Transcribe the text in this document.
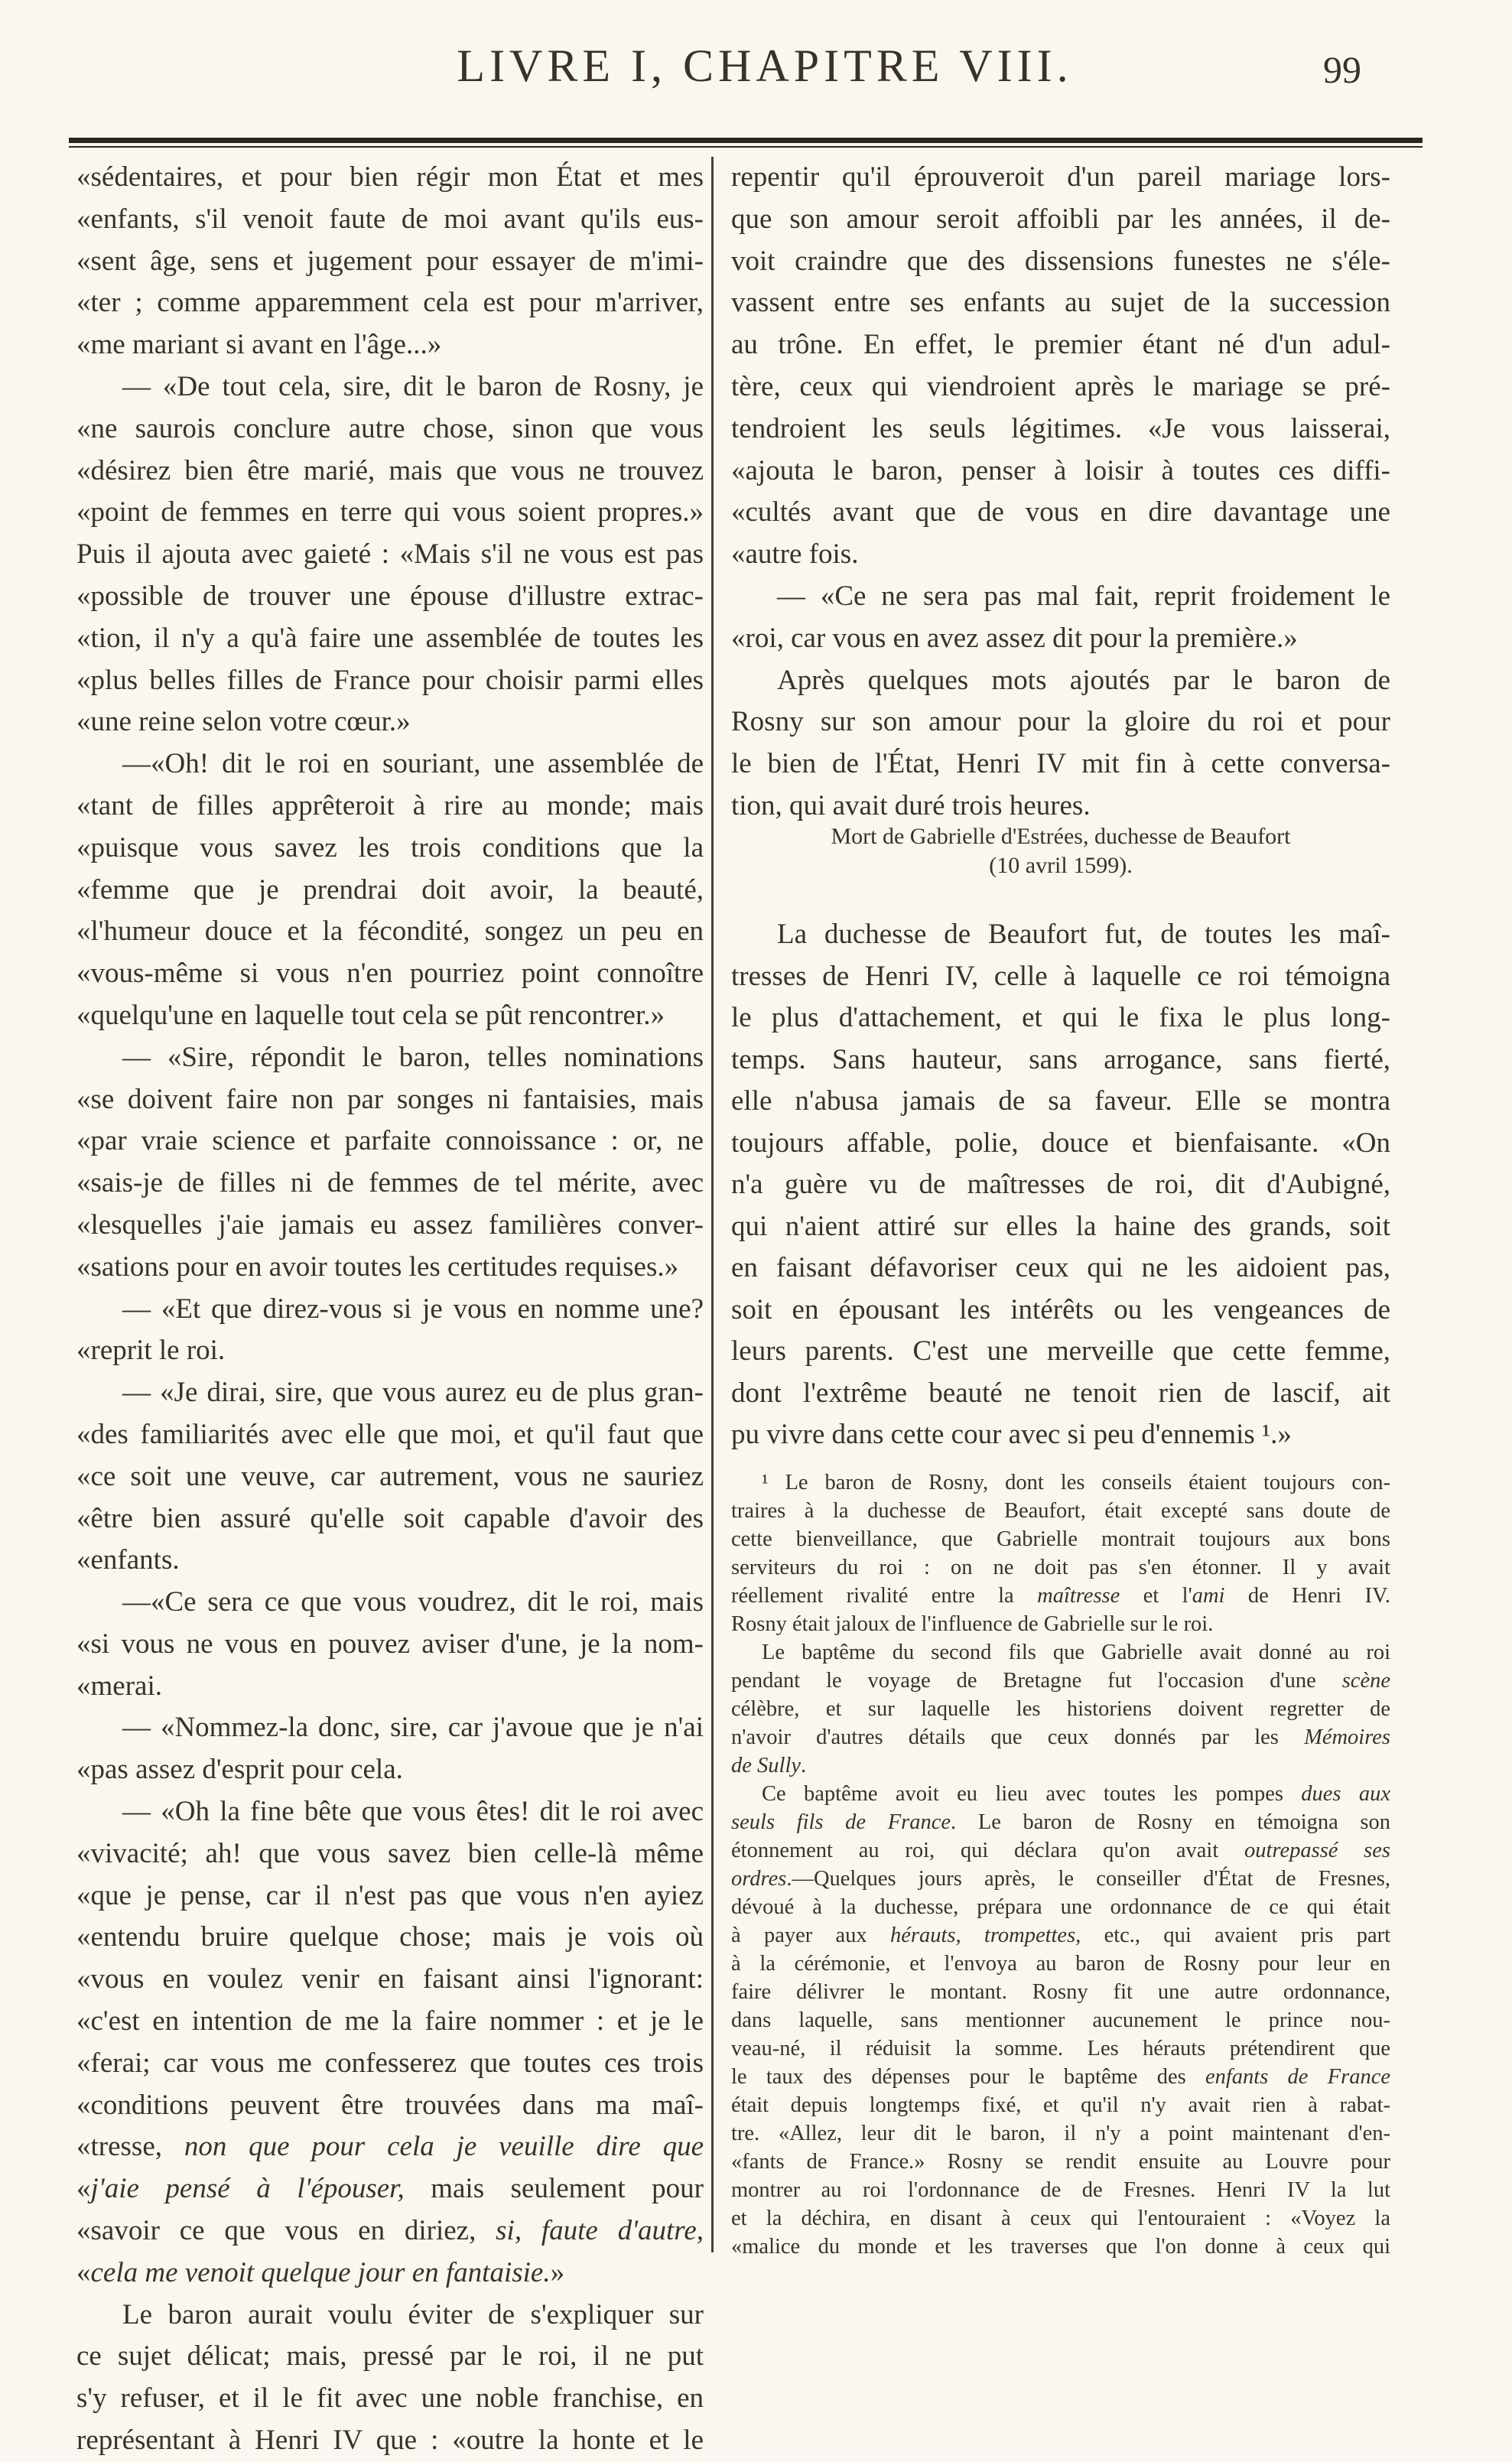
LIVRE I, CHAPITRE VIII.	99
«sédentaires, et pour bien régir mon État et mes
«enfants, s'il venoit faute de moi avant qu'ils eus-
«sent âge, sens et jugement pour essayer de m'imi-
«ter ; comme apparemment cela est pour m'arriver,
«me mariant si avant en l'âge...»
— «De tout cela, sire, dit le baron de Rosny, je
«ne saurois conclure autre chose, sinon que vous
«désirez bien être marié, mais que vous ne trouvez
«point de femmes en terre qui vous soient propres.»
Puis il ajouta avec gaieté : «Mais s'il ne vous est pas
«possible de trouver une épouse d'illustre extrac-
«tion, il n'y a qu'à faire une assemblée de toutes les
«plus belles filles de France pour choisir parmi elles
«une reine selon votre cœur.»
—«Oh! dit le roi en souriant, une assemblée de
«tant de filles apprêteroit à rire au monde; mais
«puisque vous savez les trois conditions que la
«femme que je prendrai doit avoir, la beauté,
«l'humeur douce et la fécondité, songez un peu en
«vous-même si vous n'en pourriez point connoître
«quelqu'une en laquelle tout cela se pût rencontrer.»
— «Sire, répondit le baron, telles nominations
«se doivent faire non par songes ni fantaisies, mais
«par vraie science et parfaite connoissance : or, ne
«sais-je de filles ni de femmes de tel mérite, avec
«lesquelles j'aie jamais eu assez familières conver-
«sations pour en avoir toutes les certitudes requises.»
— «Et que direz-vous si je vous en nomme une?
«reprit le roi.
— «Je dirai, sire, que vous aurez eu de plus gran-
«des familiarités avec elle que moi, et qu'il faut que
«ce soit une veuve, car autrement, vous ne sauriez
«être bien assuré qu'elle soit capable d'avoir des
«enfants.
—«Ce sera ce que vous voudrez, dit le roi, mais
«si vous ne vous en pouvez aviser d'une, je la nom-
«merai.
— «Nommez-la donc, sire, car j'avoue que je n'ai
«pas assez d'esprit pour cela.
— «Oh la fine bête que vous êtes! dit le roi avec
«vivacité; ah! que vous savez bien celle-là même
«que je pense, car il n'est pas que vous n'en ayiez
«entendu bruire quelque chose; mais je vois où
«vous en voulez venir en faisant ainsi l'ignorant:
«c'est en intention de me la faire nommer : et je le
«ferai; car vous me confesserez que toutes ces trois
«conditions peuvent être trouvées dans ma maî-
«tresse, non que pour cela je veuille dire que
«j'aie pensé à l'épouser, mais seulement pour
«savoir ce que vous en diriez, si, faute d'autre,
«cela me venoit quelque jour en fantaisie.»
Le baron aurait voulu éviter de s'expliquer sur
ce sujet délicat; mais, pressé par le roi, il ne put
s'y refuser, et il le fit avec une noble franchise, en
représentant à Henri IV que : «outre la honte et le
repentir qu'il éprouveroit d'un pareil mariage lors-
que son amour seroit affoibli par les années, il de-
voit craindre que des dissensions funestes ne s'éle-
vassent entre ses enfants au sujet de la succession
au trône. En effet, le premier étant né d'un adul-
tère, ceux qui viendroient après le mariage se pré-
tendroient les seuls légitimes. «Je vous laisserai,
«ajouta le baron, penser à loisir à toutes ces diffi-
«cultés avant que de vous en dire davantage une
«autre fois.
— «Ce ne sera pas mal fait, reprit froidement le
«roi, car vous en avez assez dit pour la première.»
Après quelques mots ajoutés par le baron de
Rosny sur son amour pour la gloire du roi et pour
le bien de l'État, Henri IV mit fin à cette conversa-
tion, qui avait duré trois heures.
Mort de Gabrielle d'Estrées, duchesse de Beaufort
(10 avril 1599).
La duchesse de Beaufort fut, de toutes les maî-
tresses de Henri IV, celle à laquelle ce roi témoigna
le plus d'attachement, et qui le fixa le plus long-
temps. Sans hauteur, sans arrogance, sans fierté,
elle n'abusa jamais de sa faveur. Elle se montra
toujours affable, polie, douce et bienfaisante. «On
n'a guère vu de maîtresses de roi, dit d'Aubigné,
qui n'aient attiré sur elles la haine des grands, soit
en faisant défavoriser ceux qui ne les aidoient pas,
soit en épousant les intérêts ou les vengeances de
leurs parents. C'est une merveille que cette femme,
dont l'extrême beauté ne tenoit rien de lascif, ait
pu vivre dans cette cour avec si peu d'ennemis ¹.»
¹ Le baron de Rosny, dont les conseils étaient toujours con-
traires à la duchesse de Beaufort, était excepté sans doute de
cette bienveillance, que Gabrielle montrait toujours aux bons
serviteurs du roi : on ne doit pas s'en étonner. Il y avait
réellement rivalité entre la maîtresse et l'ami de Henri IV.
Rosny était jaloux de l'influence de Gabrielle sur le roi.
Le baptême du second fils que Gabrielle avait donné au roi
pendant le voyage de Bretagne fut l'occasion d'une scène
célèbre, et sur laquelle les historiens doivent regretter de
n'avoir d'autres détails que ceux donnés par les Mémoires
de Sully.
Ce baptême avoit eu lieu avec toutes les pompes dues aux
seuls fils de France. Le baron de Rosny en témoigna son
étonnement au roi, qui déclara qu'on avait outrepassé ses
ordres.—Quelques jours après, le conseiller d'État de Fresnes,
dévoué à la duchesse, prépara une ordonnance de ce qui était
à payer aux hérauts, trompettes, etc., qui avaient pris part
à la cérémonie, et l'envoya au baron de Rosny pour leur en
faire délivrer le montant. Rosny fit une autre ordonnance,
dans laquelle, sans mentionner aucunement le prince nou-
veau-né, il réduisit la somme. Les hérauts prétendirent que
le taux des dépenses pour le baptême des enfants de France
était depuis longtemps fixé, et qu'il n'y avait rien à rabat-
tre. «Allez, leur dit le baron, il n'y a point maintenant d'en-
«fants de France.» Rosny se rendit ensuite au Louvre pour
montrer au roi l'ordonnance de de Fresnes. Henri IV la lut
et la déchira, en disant à ceux qui l'entouraient : «Voyez la
«malice du monde et les traverses que l'on donne à ceux qui
